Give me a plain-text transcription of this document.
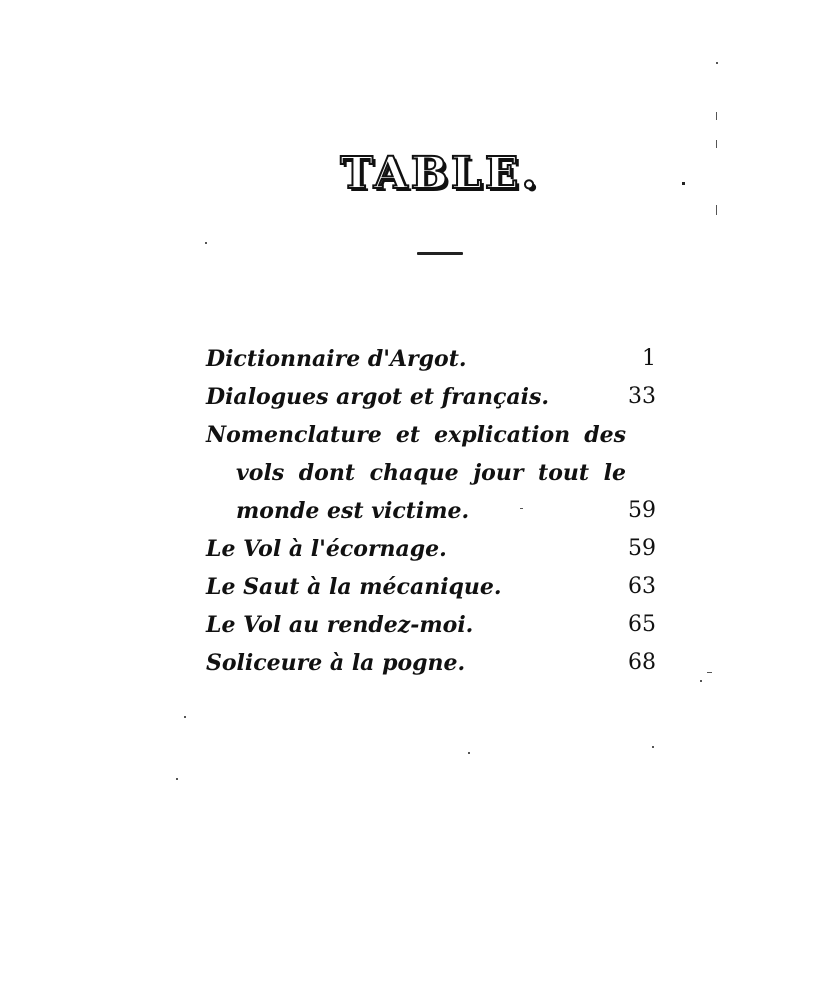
TABLE.
Dictionnaire d'Argot.	1
Dialogues argot et français.	33
Nomenclature et explication des
vols dont chaque jour tout le
monde est victime.	59
Le Vol à l'écornage.	59
Le Saut à la mécanique.	63
Le Vol au rendez-moi.	65
Soliceure à la pogne.	68
